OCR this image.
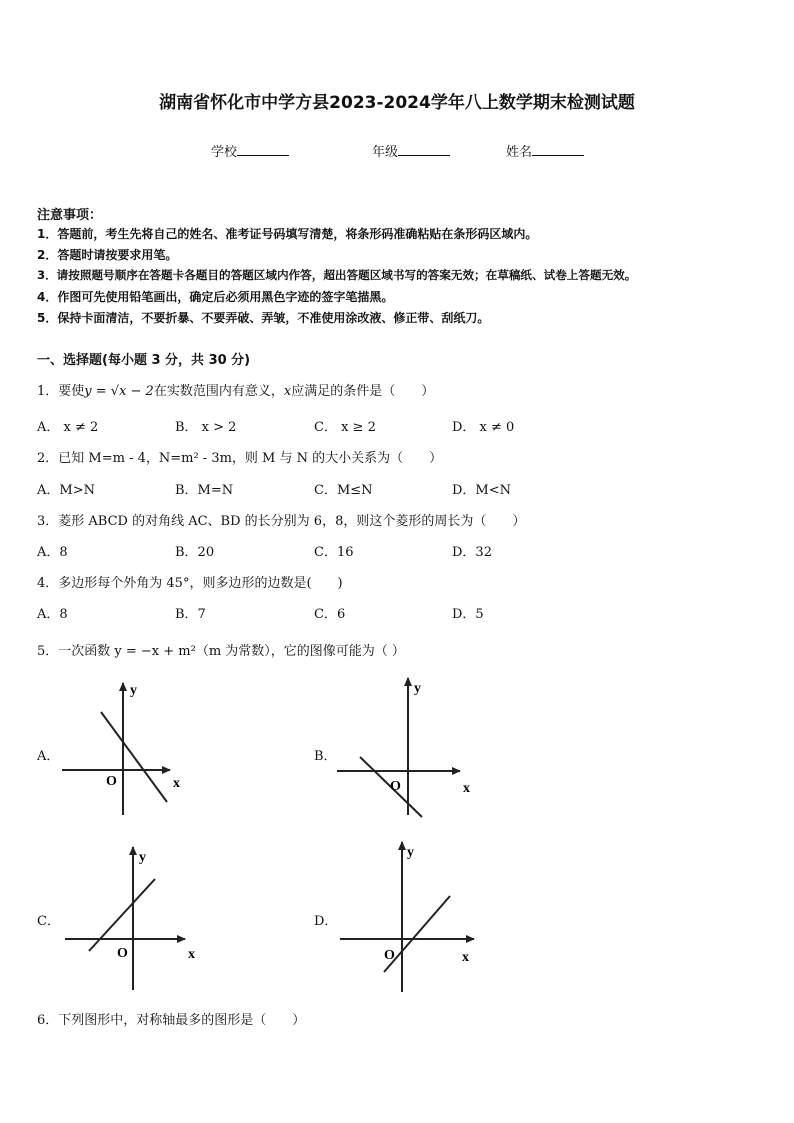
湖南省怀化市中学方县2023-2024学年八上数学期末检测试题
学校	年级	姓名
注意事项：
1．答题前，考生先将自己的姓名、准考证号码填写清楚，将条形码准确粘贴在条形码区域内。
2．答题时请按要求用笔。
3．请按照题号顺序在答题卡各题目的答题区域内作答，超出答题区域书写的答案无效；在草稿纸、试卷上答题无效。
4．作图可先使用铅笔画出，确定后必须用黑色字迹的签字笔描黑。
5．保持卡面清洁，不要折暴、不要弄破、弄皱，不准使用涂改液、修正带、刮纸刀。
一、选择题(每小题 3 分，共 30 分)
1．要使y = √x − 2在实数范围内有意义，x应满足的条件是（　　）
A． x ≠ 2	B． x > 2	C． x ≥ 2	D． x ≠ 0
2．已知 M=m - 4，N=m² - 3m，则 M 与 N 的大小关系为（　　）
A．M>N	B．M=N	C．M≤N	D．M<N
3．菱形 ABCD 的对角线 AC、BD 的长分别为 6，8，则这个菱形的周长为（　　）
A．8	B．20	C．16	D．32
4．多边形每个外角为 45°，则多边形的边数是(　　)
A．8	B．7	C．6	D．5
5．一次函数 y = −x + m²（m 为常数），它的图像可能为（ ）
A．	B．
C．	D．
y
O	x
y
O	x
y
O	x
y
O	x
6．下列图形中，对称轴最多的图形是（　　）
